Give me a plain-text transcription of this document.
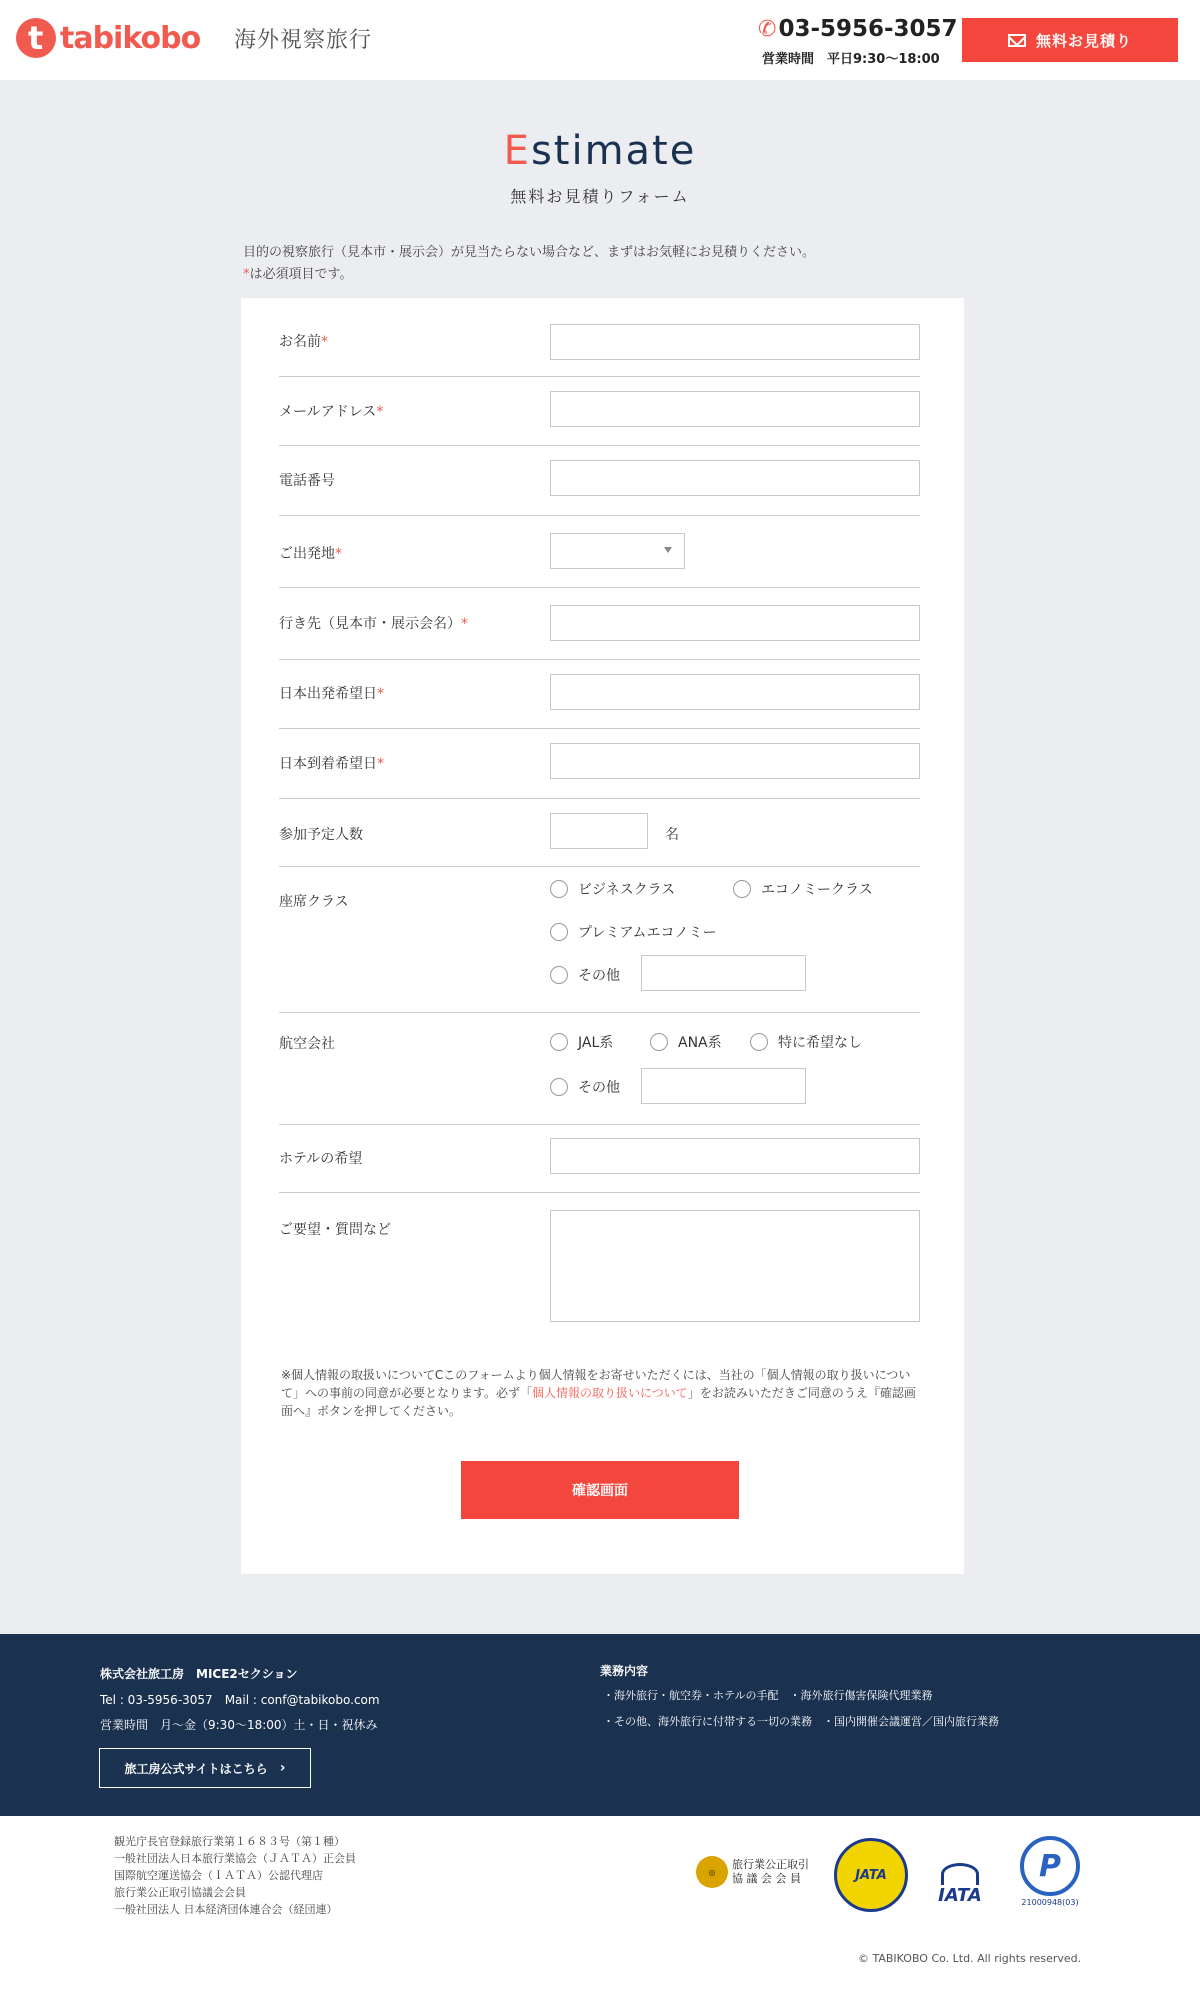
t tabikobo 海外視察旅行	✆03-5956-3057
営業時間　平日9:30〜18:00
無料お見積り
Estimate
無料お見積りフォーム
目的の視察旅行（見本市・展示会）が見当たらない場合など、まずはお気軽にお見積りください。
*は必須項目です。
お名前*
メールアドレス*
電話番号
ご出発地*
行き先（見本市・展示会名）*
日本出発希望日*
日本到着希望日*
参加予定人数	名
座席クラス
ビジネスクラス	エコノミークラス
プレミアムエコノミー
その他
航空会社	JAL系	ANA系	特に希望なし
その他
ホテルの希望
ご要望・質問など
※個人情報の取扱いについてCこのフォームより個人情報をお寄せいただくには、当社の「個人情報の取り扱いについて」への事前の同意が必要となります。必ず「個人情報の取り扱いについて」をお読みいただきご同意のうえ『確認画面へ』ボタンを押してください。
確認画面
株式会社旅工房　MICE2セクション
Tel : 03-5956-3057　Mail : conf@tabikobo.com
営業時間　月〜金（9:30〜18:00）土・日・祝休み
旅工房公式サイトはこちら ›
業務内容
・海外旅行・航空券・ホテルの手配　・海外旅行傷害保険代理業務
・その他、海外旅行に付帯する一切の業務　・国内開催会議運営／国内旅行業務
観光庁長官登録旅行業第１６８３号（第１種）
一般社団法人日本旅行業協会（ＪＡＴＡ）正会員
国際航空運送協会（ＩＡＴＡ）公認代理店
旅行業公正取引協議会会員
一般社団法人 日本経済団体連合会（経団連）
◎
旅行業公正取引
協 議 会 会 員	JATA
IATA
P
21000948(03)
© TABIKOBO Co. Ltd. All rights reserved.
